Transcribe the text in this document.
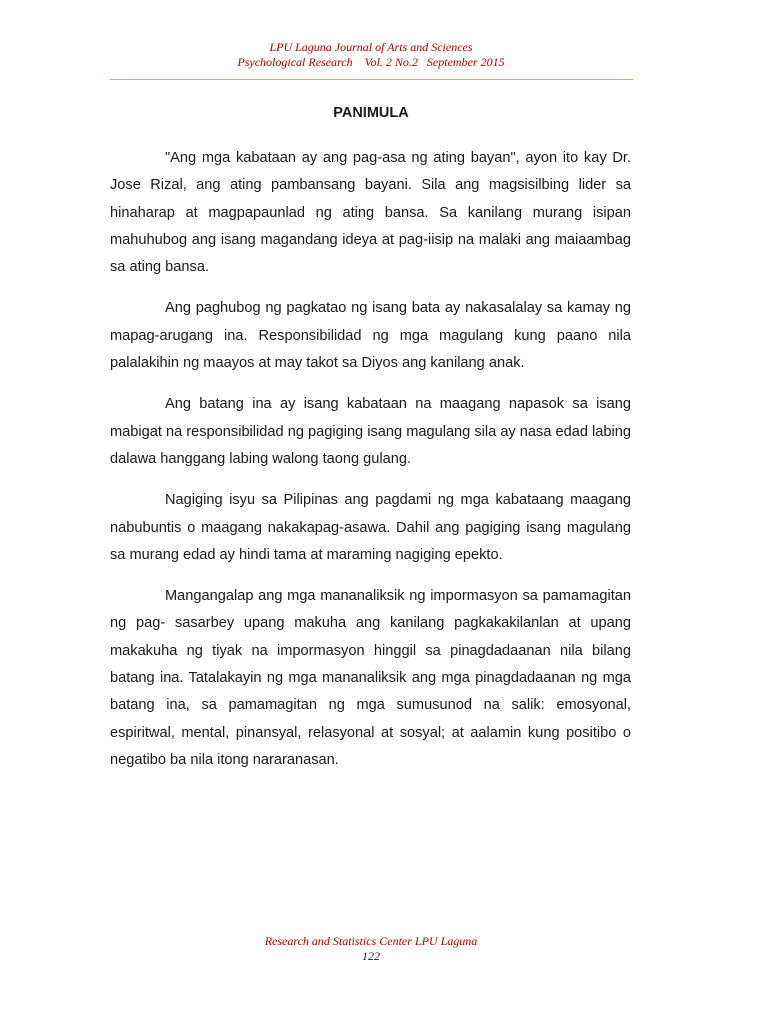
LPU Laguna Journal of Arts and Sciences
Psychological Research    Vol. 2 No.2   September 2015
PANIMULA

"Ang mga kabataan ay ang pag-asa ng ating bayan", ayon ito kay Dr. Jose Rizal, ang ating pambansang bayani. Sila ang magsisilbing lider sa hinaharap at magpapaunlad ng ating bansa. Sa kanilang murang isipan mahuhubog ang isang magandang ideya at pag-iisip na malaki ang maiaambag sa ating bansa.

Ang paghubog ng pagkatao ng isang bata ay nakasalalay sa kamay ng mapag-arugang ina. Responsibilidad ng mga magulang kung paano nila palalakihin ng maayos at may takot sa Diyos ang kanilang anak.

Ang batang ina ay isang kabataan na maagang napasok sa isang mabigat na responsibilidad ng pagiging isang magulang sila ay nasa edad labing dalawa hanggang labing walong taong gulang.

Nagiging isyu sa Pilipinas ang pagdami ng mga kabataang maagang nabubuntis o maagang nakakapag-asawa. Dahil ang pagiging isang magulang sa murang edad ay hindi tama at maraming nagiging epekto.

Mangangalap ang mga mananaliksik ng impormasyon sa pamamagitan ng pag- sasarbey upang makuha ang kanilang pagkakakilanlan at upang makakuha ng tiyak na impormasyon hinggil sa pinagdadaanan nila bilang batang ina. Tatalakayin ng mga mananaliksik ang mga pinagdadaanan ng mga batang ina, sa pamamagitan ng mga sumusunod na salik: emosyonal, espiritwal, mental, pinansyal, relasyonal at sosyal; at aalamin kung positibo o negatibo ba nila itong nararanasan.

Research and Statistics Center LPU Laguna
122
